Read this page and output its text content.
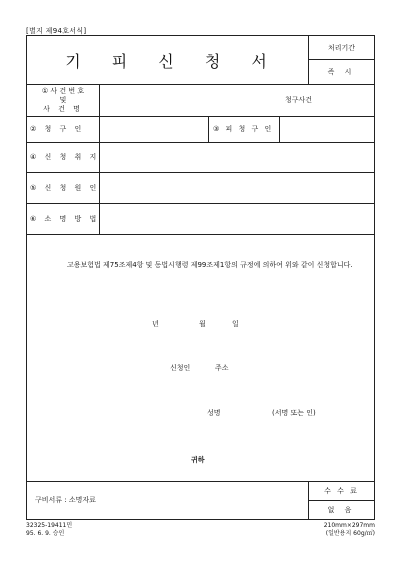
[별지 제94호서식]
기 피 신 청 서
처리기간
즉 시
① 사 건 번 호
및
사 건 명
청구사건
② 청 구 인	③ 피 청 구 인
④ 신 청 취 지
⑤ 신 청 원 인
⑥ 소 명 방 법
고용보험법 제75조제4항 및 동법시행령 제99조제1항의 규정에 의하여 위와 같이 신청합니다.
년	월	일
신청인	주소
성명	(서명 또는 인)
귀하
구비서류 : 소명자료
수 수 료
없 음
32325-19411민
95. 6. 9. 승인
210mm×297mm
(일반용지 60g/㎡)
